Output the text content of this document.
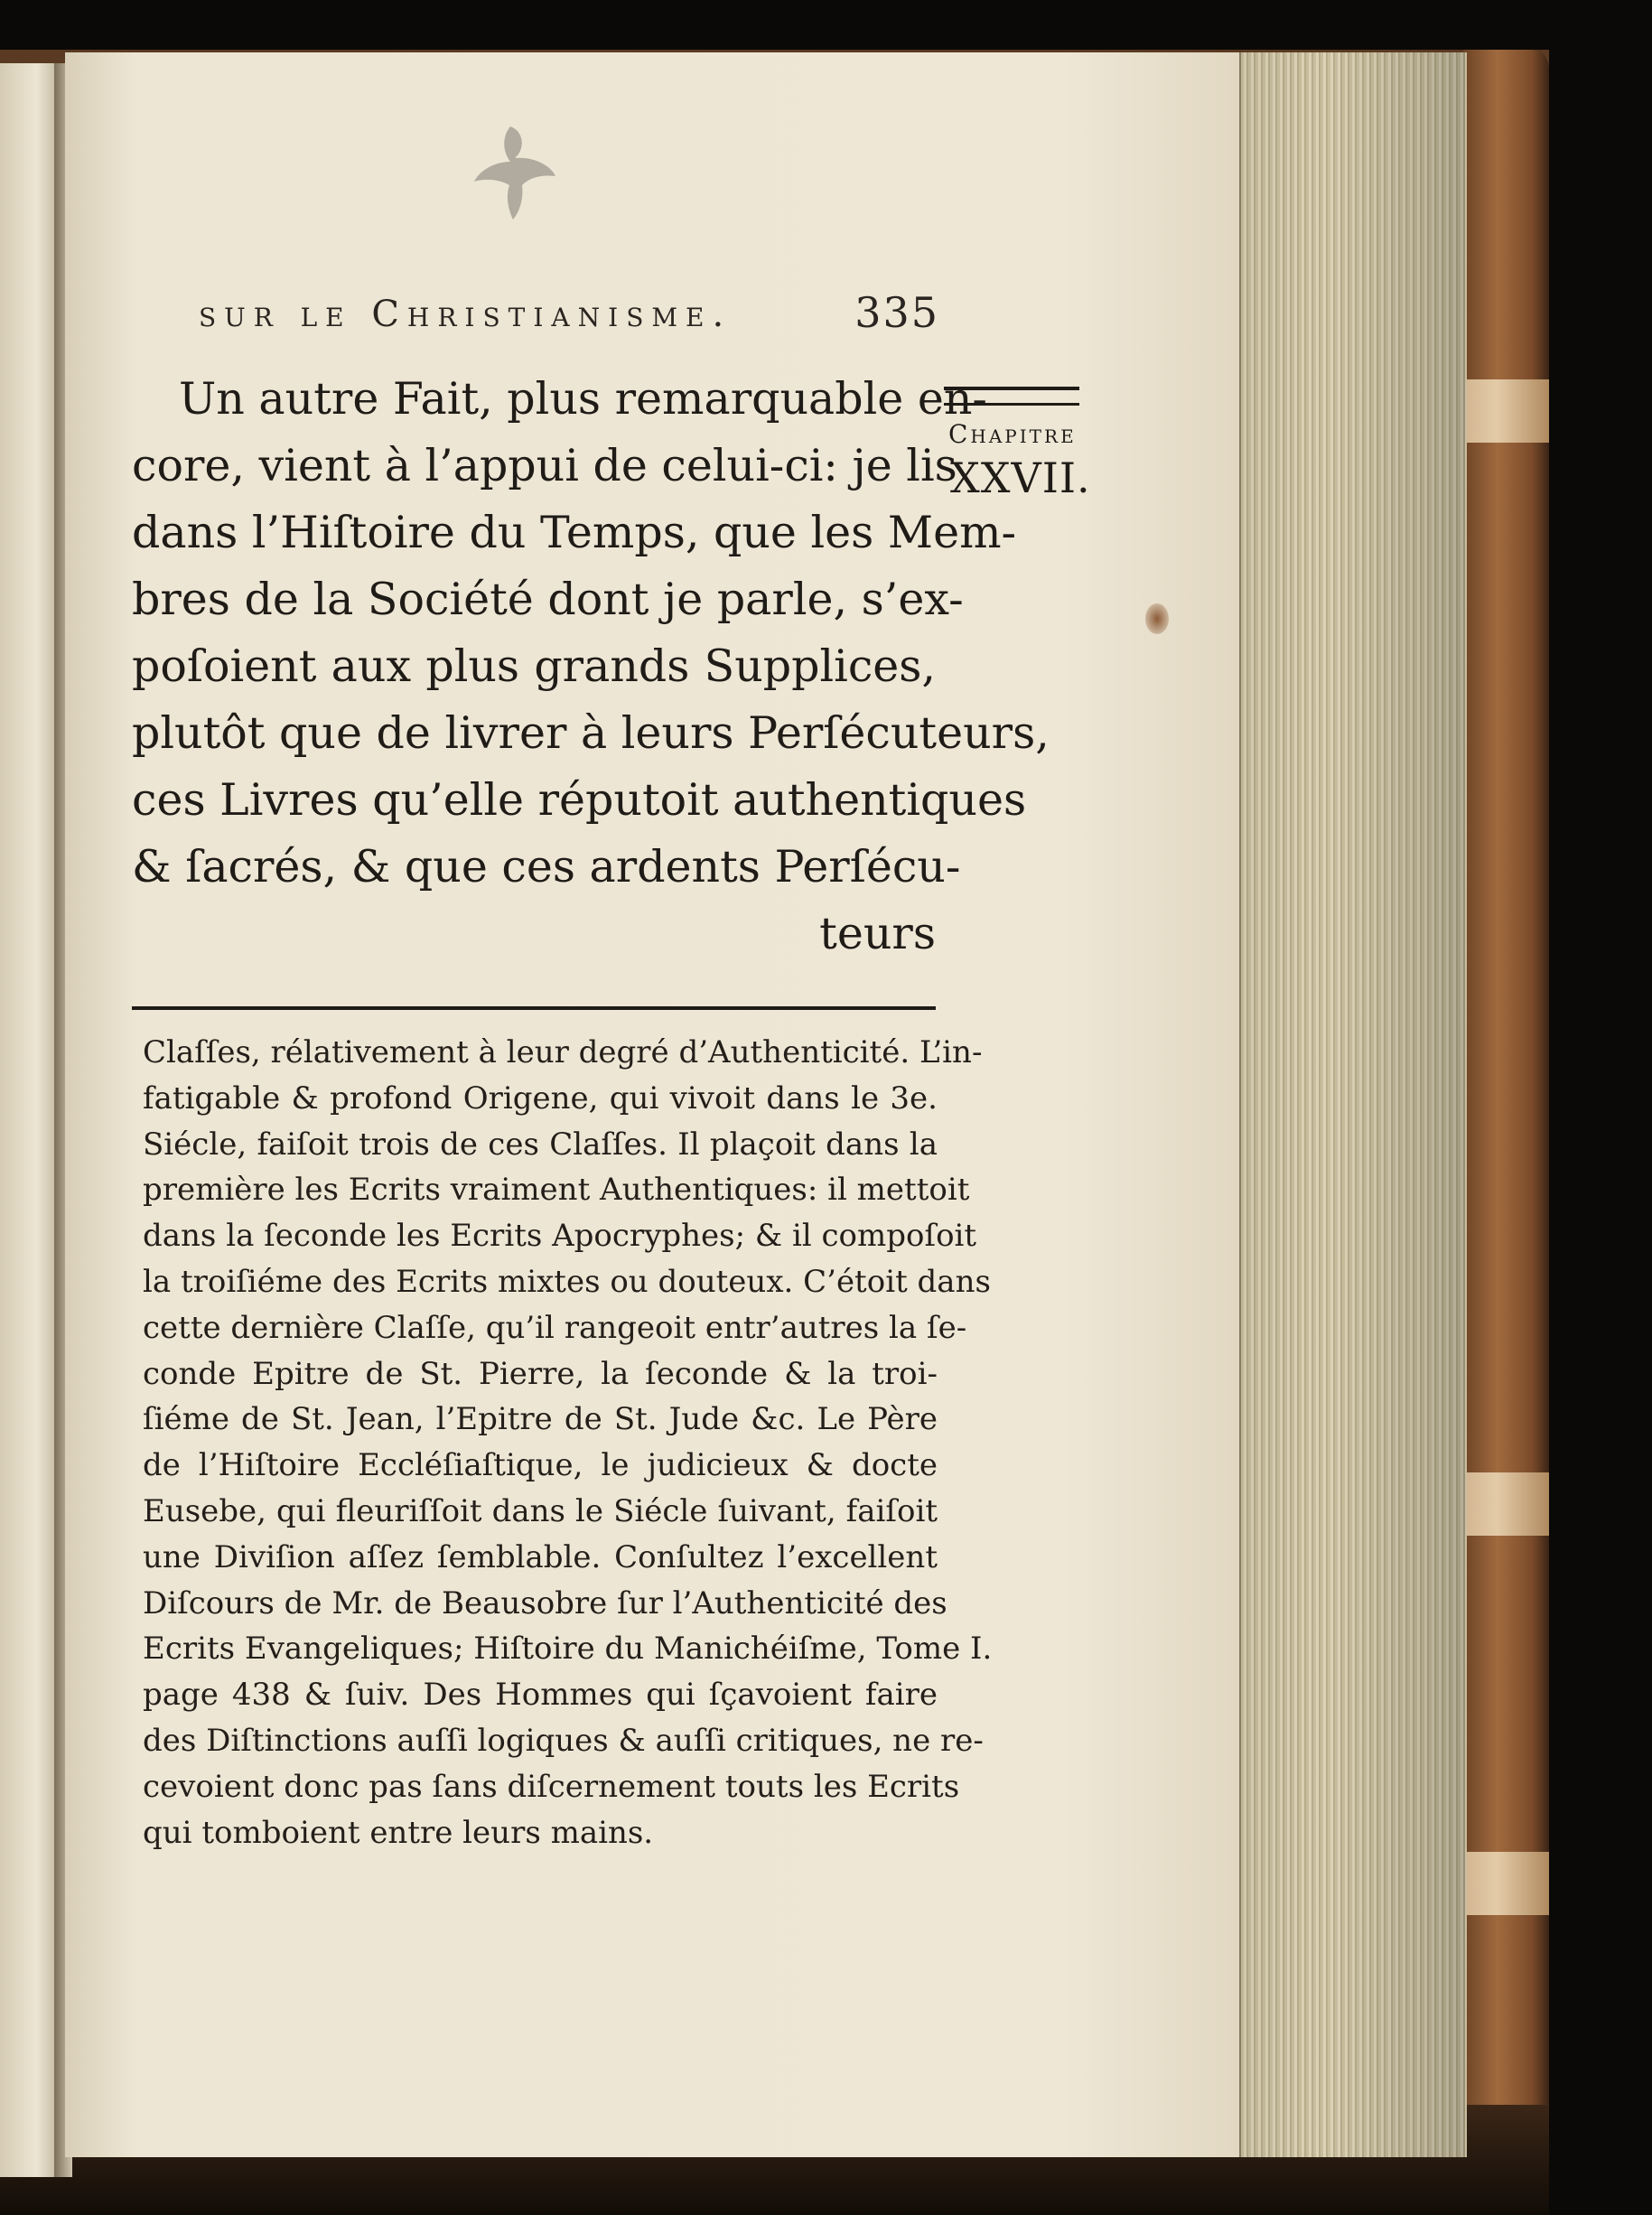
sur le Christianisme.	335
Chapitre
XXVII.
Un autre Fait, plus remarquable en-
core, vient à l’appui de celui-ci: je lis
dans l’Hiſtoire du Temps, que les Mem-
bres de la Société dont je parle, s’ex-
poſoient aux plus grands Supplices,
plutôt que de livrer à leurs Perſécuteurs,
ces Livres qu’elle réputoit authentiques
& ſacrés, & que ces ardents Perſécu-
teurs
Claſſes, rélativement à leur degré d’Authenticité. L’in-
fatigable & profond Origene, qui vivoit dans le 3e.
Siécle, faiſoit trois de ces Claſſes. Il plaçoit dans la
première les Ecrits vraiment Authentiques: il mettoit
dans la ſeconde les Ecrits Apocryphes; & il compoſoit
la troiſiéme des Ecrits mixtes ou douteux. C’étoit dans
cette dernière Claſſe, qu’il rangeoit entr’autres la ſe-
conde Epitre de St. Pierre, la ſeconde & la troi-
ſiéme de St. Jean, l’Epitre de St. Jude &c. Le Père
de l’Hiſtoire Eccléſiaſtique, le judicieux & docte
Eusebe, qui fleuriſſoit dans le Siécle ſuivant, faiſoit
une Diviſion aſſez ſemblable. Conſultez l’excellent
Diſcours de Mr. de Beausobre ſur l’Authenticité des
Ecrits Evangeliques; Hiſtoire du Manichéiſme, Tome I.
page 438 & ſuiv. Des Hommes qui ſçavoient faire
des Diſtinctions auſſi logiques & auſſi critiques, ne re-
cevoient donc pas ſans diſcernement touts les Ecrits
qui tomboient entre leurs mains.
